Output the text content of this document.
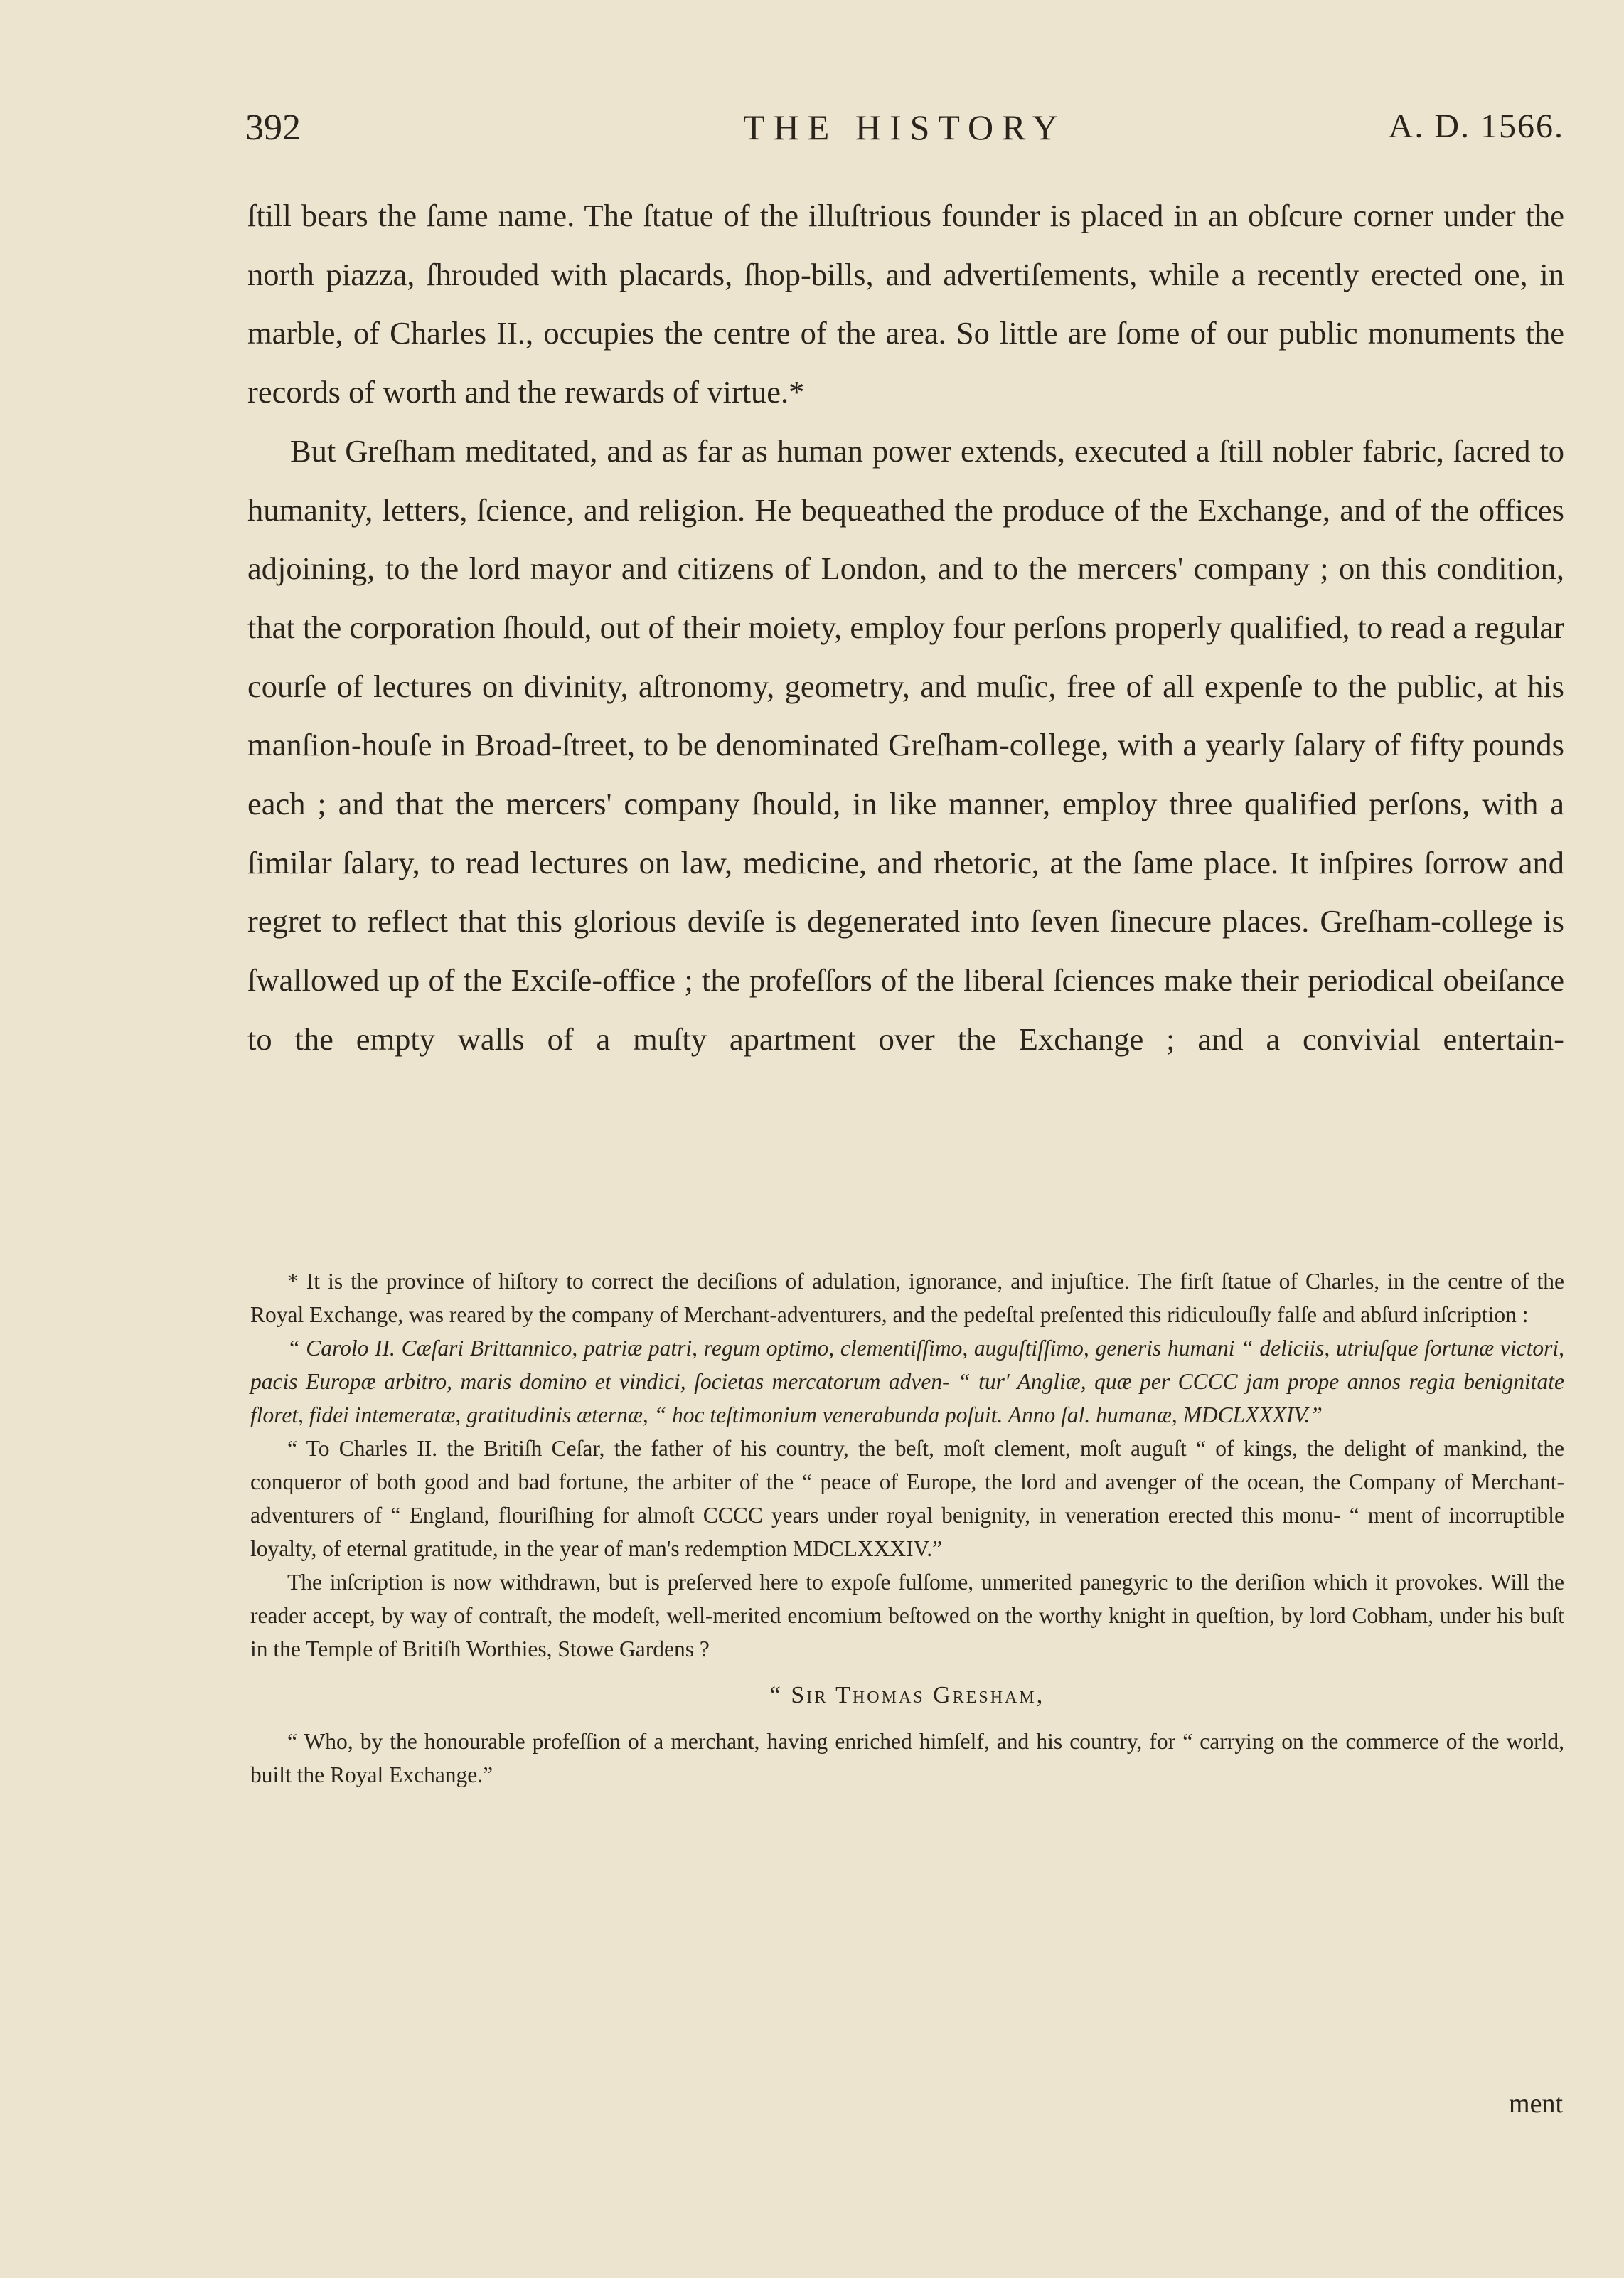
392	THE HISTORY	A. D. 1566.

ſtill bears the ſame name. The ſtatue of the illuſtrious founder is placed in an obſcure corner under the north piazza, ſhrouded with placards, ſhop-bills, and advertiſements, while a recently erected one, in marble, of Charles II., occupies the centre of the area. So little are ſome of our public monuments the records of worth and the rewards of virtue.*

But Greſham meditated, and as far as human power extends, executed a ſtill nobler fabric, ſacred to humanity, letters, ſcience, and religion. He bequeathed the produce of the Exchange, and of the offices adjoining, to the lord mayor and citizens of London, and to the mercers' company ; on this condition, that the corporation ſhould, out of their moiety, employ four perſons properly qualified, to read a regular courſe of lectures on divinity, aſtronomy, geometry, and muſic, free of all expenſe to the public, at his manſion-houſe in Broad-ſtreet, to be denominated Greſham-college, with a yearly ſalary of fifty pounds each ; and that the mercers' company ſhould, in like manner, employ three qualified perſons, with a ſimilar ſalary, to read lectures on law, medicine, and rhetoric, at the ſame place. It inſpires ſorrow and regret to reflect that this glorious deviſe is degenerated into ſeven ſinecure places. Greſham-college is ſwallowed up of the Exciſe-office ; the profeſſors of the liberal ſciences make their periodical obeiſance to the empty walls of a muſty apartment over the Exchange ; and a convivial entertain-

* It is the province of hiſtory to correct the deciſions of adulation, ignorance, and injuſtice. The firſt ſtatue of Charles, in the centre of the Royal Exchange, was reared by the company of Merchant-adventurers, and the pedeſtal preſented this ridiculouſly falſe and abſurd inſcription :

“ Carolo II. Cæſari Brittannico, patriæ patri, regum optimo, clementiſſimo, auguſtiſſimo, generis humani “ deliciis, utriuſque fortunæ victori, pacis Europæ arbitro, maris domino et vindici, ſocietas mercatorum adven- “ tur' Angliæ, quæ per CCCC jam prope annos regia benignitate floret, fidei intemeratæ, gratitudinis æternæ, “ hoc teſtimonium venerabunda poſuit. Anno ſal. humanæ, MDCLXXXIV.”

“ To Charles II. the Britiſh Ceſar, the father of his country, the beſt, moſt clement, moſt auguſt “ of kings, the delight of mankind, the conqueror of both good and bad fortune, the arbiter of the “ peace of Europe, the lord and avenger of the ocean, the Company of Merchant-adventurers of “ England, flouriſhing for almoſt CCCC years under royal benignity, in veneration erected this monu- “ ment of incorruptible loyalty, of eternal gratitude, in the year of man's redemption MDCLXXXIV.”

The inſcription is now withdrawn, but is preſerved here to expoſe fulſome, unmerited panegyric to the deriſion which it provokes. Will the reader accept, by way of contraſt, the modeſt, well-merited encomium beſtowed on the worthy knight in queſtion, by lord Cobham, under his buſt in the Temple of Britiſh Worthies, Stowe Gardens ?

“ Sir Thomas Gresham,

“ Who, by the honourable profeſſion of a merchant, having enriched himſelf, and his country, for “ carrying on the commerce of the world, built the Royal Exchange.”

ment
